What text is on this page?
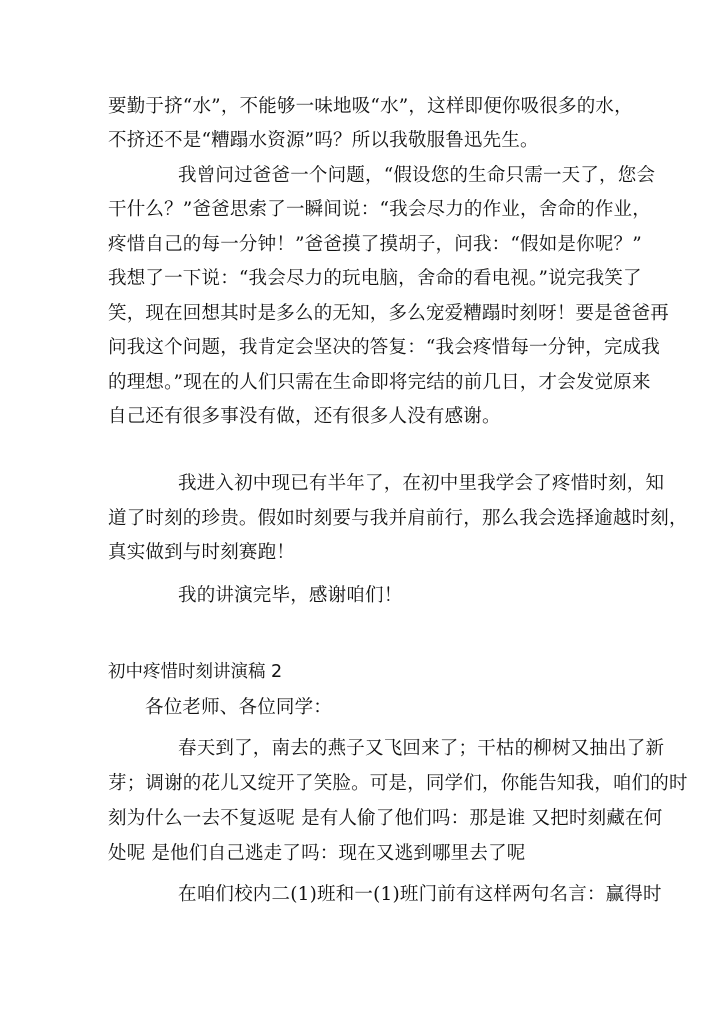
要勤于挤“水”，不能够一味地吸“水”，这样即便你吸很多的水，
不挤还不是“糟蹋水资源”吗？所以我敬服鲁迅先生。
我曾问过爸爸一个问题，“假设您的生命只需一天了，您会
干什么？”爸爸思索了一瞬间说：“我会尽力的作业，舍命的作业，
疼惜自己的每一分钟！”爸爸摸了摸胡子，问我：“假如是你呢？”
我想了一下说：“我会尽力的玩电脑，舍命的看电视。”说完我笑了
笑，现在回想其时是多么的无知，多么宠爱糟蹋时刻呀！要是爸爸再
问我这个问题，我肯定会坚决的答复：“我会疼惜每一分钟，完成我
的理想。”现在的人们只需在生命即将完结的前几日，才会发觉原来
自己还有很多事没有做，还有很多人没有感谢。
我进入初中现已有半年了，在初中里我学会了疼惜时刻，知
道了时刻的珍贵。假如时刻要与我并肩前行，那么我会选择逾越时刻，
真实做到与时刻赛跑！
我的讲演完毕，感谢咱们！
初中疼惜时刻讲演稿 2
各位老师、各位同学：
春天到了，南去的燕子又飞回来了；干枯的柳树又抽出了新
芽；调谢的花儿又绽开了笑脸。可是，同学们，你能告知我，咱们的时
刻为什么一去不复返呢 是有人偷了他们吗：那是谁 又把时刻藏在何
处呢 是他们自己逃走了吗：现在又逃到哪里去了呢
在咱们校内二(1)班和一(1)班门前有这样两句名言：赢得时
